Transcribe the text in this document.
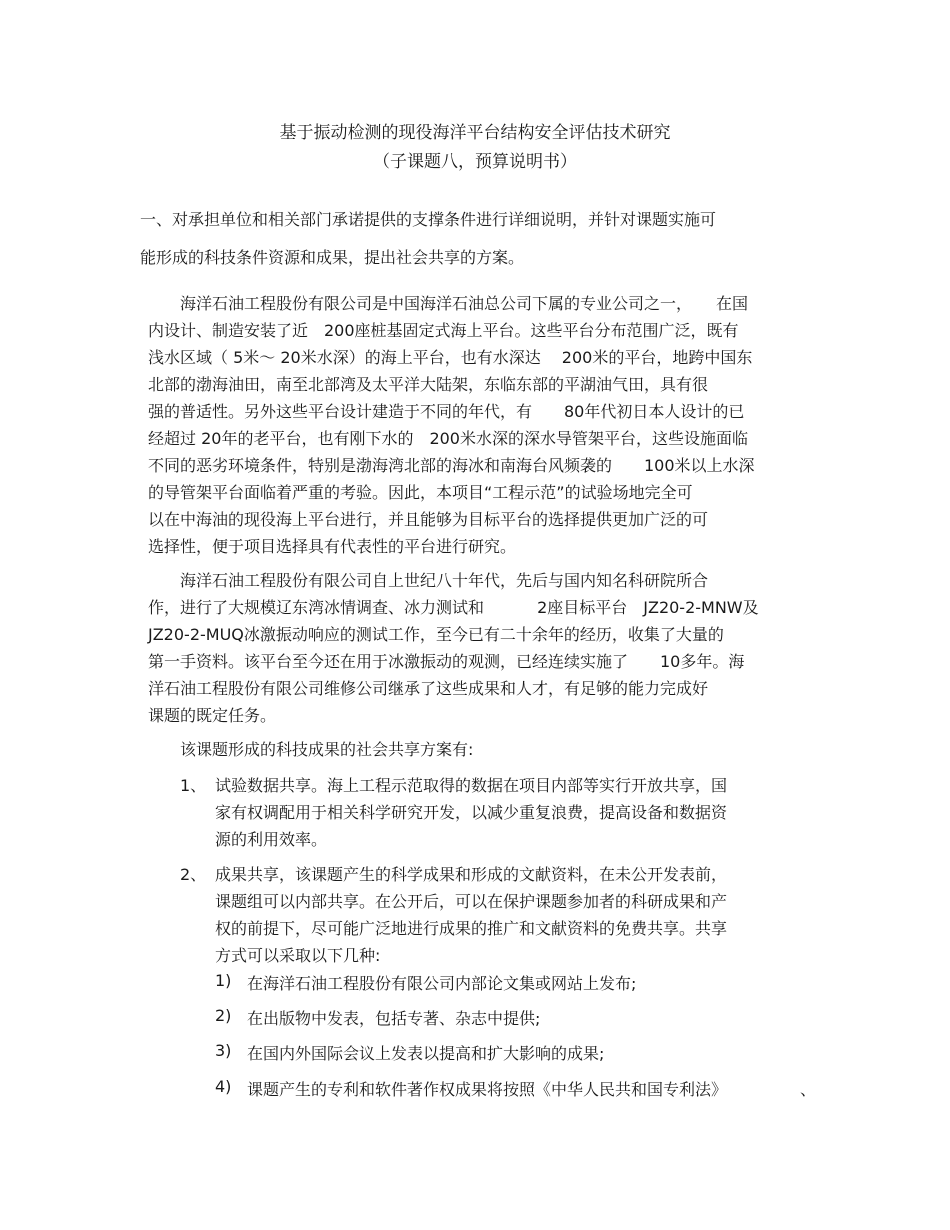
基于振动检测的现役海洋平台结构安全评估技术研究
（子课题八，预算说明书）
一、对承担单位和相关部门承诺提供的支撑条件进行详细说明，并针对课题实施可
能形成的科技条件资源和成果，提出社会共享的方案。
海洋石油工程股份有限公司是中国海洋石油总公司下属的专业公司之一，　　在国
内设计、制造安装了近　200座桩基固定式海上平台。这些平台分布范围广泛，既有
浅水区域（ 5米～ 20米水深）的海上平台，也有水深达　 200米的平台，地跨中国东
北部的渤海油田，南至北部湾及太平洋大陆架，东临东部的平湖油气田，具有很
强的普适性。另外这些平台设计建造于不同的年代，有　　80年代初日本人设计的已
经超过 20年的老平台，也有刚下水的　200米水深的深水导管架平台，这些设施面临
不同的恶劣环境条件，特别是渤海湾北部的海冰和南海台风频袭的　　100米以上水深
的导管架平台面临着严重的考验。因此，本项目“工程示范”的试验场地完全可
以在中海油的现役海上平台进行，并且能够为目标平台的选择提供更加广泛的可
选择性，便于项目选择具有代表性的平台进行研究。
海洋石油工程股份有限公司自上世纪八十年代，先后与国内知名科研院所合
作，进行了大规模辽东湾冰情调查、冰力测试和　　　 2座目标平台　JZ20-2-MNW及
JZ20-2-MUQ冰激振动响应的测试工作，至今已有二十余年的经历，收集了大量的
第一手资料。该平台至今还在用于冰激振动的观测，已经连续实施了　　10多年。海
洋石油工程股份有限公司维修公司继承了这些成果和人才，有足够的能力完成好
课题的既定任务。
该课题形成的科技成果的社会共享方案有:
1、 试验数据共享。海上工程示范取得的数据在项目内部等实行开放共享，国
家有权调配用于相关科学研究开发，以减少重复浪费，提高设备和数据资
源的利用效率。
2、 成果共享，该课题产生的科学成果和形成的文献资料，在未公开发表前，
课题组可以内部共享。在公开后，可以在保护课题参加者的科研成果和产
权的前提下，尽可能广泛地进行成果的推广和文献资料的免费共享。共享
方式可以采取以下几种:
1) 在海洋石油工程股份有限公司内部论文集或网站上发布;
2) 在出版物中发表，包括专著、杂志中提供;
3) 在国内外国际会议上发表以提高和扩大影响的成果;
4) 课题产生的专利和软件著作权成果将按照《中华人民共和国专利法》	、
